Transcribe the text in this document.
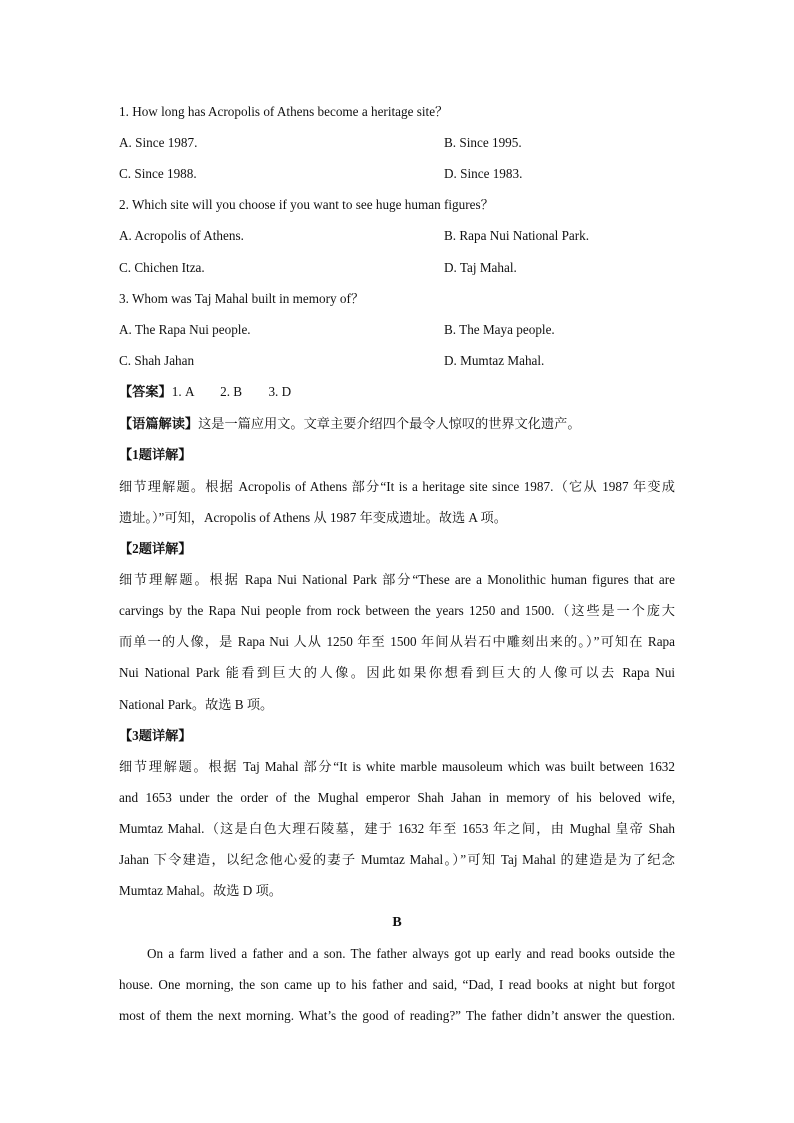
1. How long has Acropolis of Athens become a heritage site？
A. Since 1987.	B. Since 1995.
C. Since 1988.	D. Since 1983.
2. Which site will you choose if you want to see huge human figures？
A. Acropolis of Athens.	B. Rapa Nui National Park.
C. Chichen Itza.	D. Taj Mahal.
3. Whom was Taj Mahal built in memory of？
A. The Rapa Nui people.	B. The Maya people.
C. Shah Jahan	D. Mumtaz Mahal.
【答案】1. A　　2. B　　3. D
【语篇解读】这是一篇应用文。文章主要介绍四个最令人惊叹的世界文化遗产。
【1题详解】
细节理解题。根据 Acropolis of Athens 部分“It is a heritage site since 1987.（它从 1987 年变成
遗址。）”可知，Acropolis of Athens 从 1987 年变成遗址。故选 A 项。
【2题详解】
细节理解题。根据 Rapa Nui National Park 部分“These are a Monolithic human figures that are
carvings by the Rapa Nui people from rock between the years 1250 and 1500.（这些是一个庞大
而单一的人像，是 Rapa Nui 人从 1250 年至 1500 年间从岩石中雕刻出来的。）”可知在 Rapa
Nui National Park 能看到巨大的人像。因此如果你想看到巨大的人像可以去 Rapa Nui
National Park。故选 B 项。
【3题详解】
细节理解题。根据 Taj Mahal 部分“It is white marble mausoleum which was built between 1632
and 1653 under the order of the Mughal emperor Shah Jahan in memory of his beloved wife,
Mumtaz Mahal.（这是白色大理石陵墓，建于 1632 年至 1653 年之间，由 Mughal 皇帝 Shah
Jahan 下令建造，以纪念他心爱的妻子 Mumtaz Mahal。）”可知 Taj Mahal 的建造是为了纪念
Mumtaz Mahal。故选 D 项。
B
On a farm lived a father and a son. The father always got up early and read books outside the
house. One morning, the son came up to his father and said, “Dad, I read books at night but forgot
most of them the next morning. What’s the good of reading?” The father didn’t answer the question.
